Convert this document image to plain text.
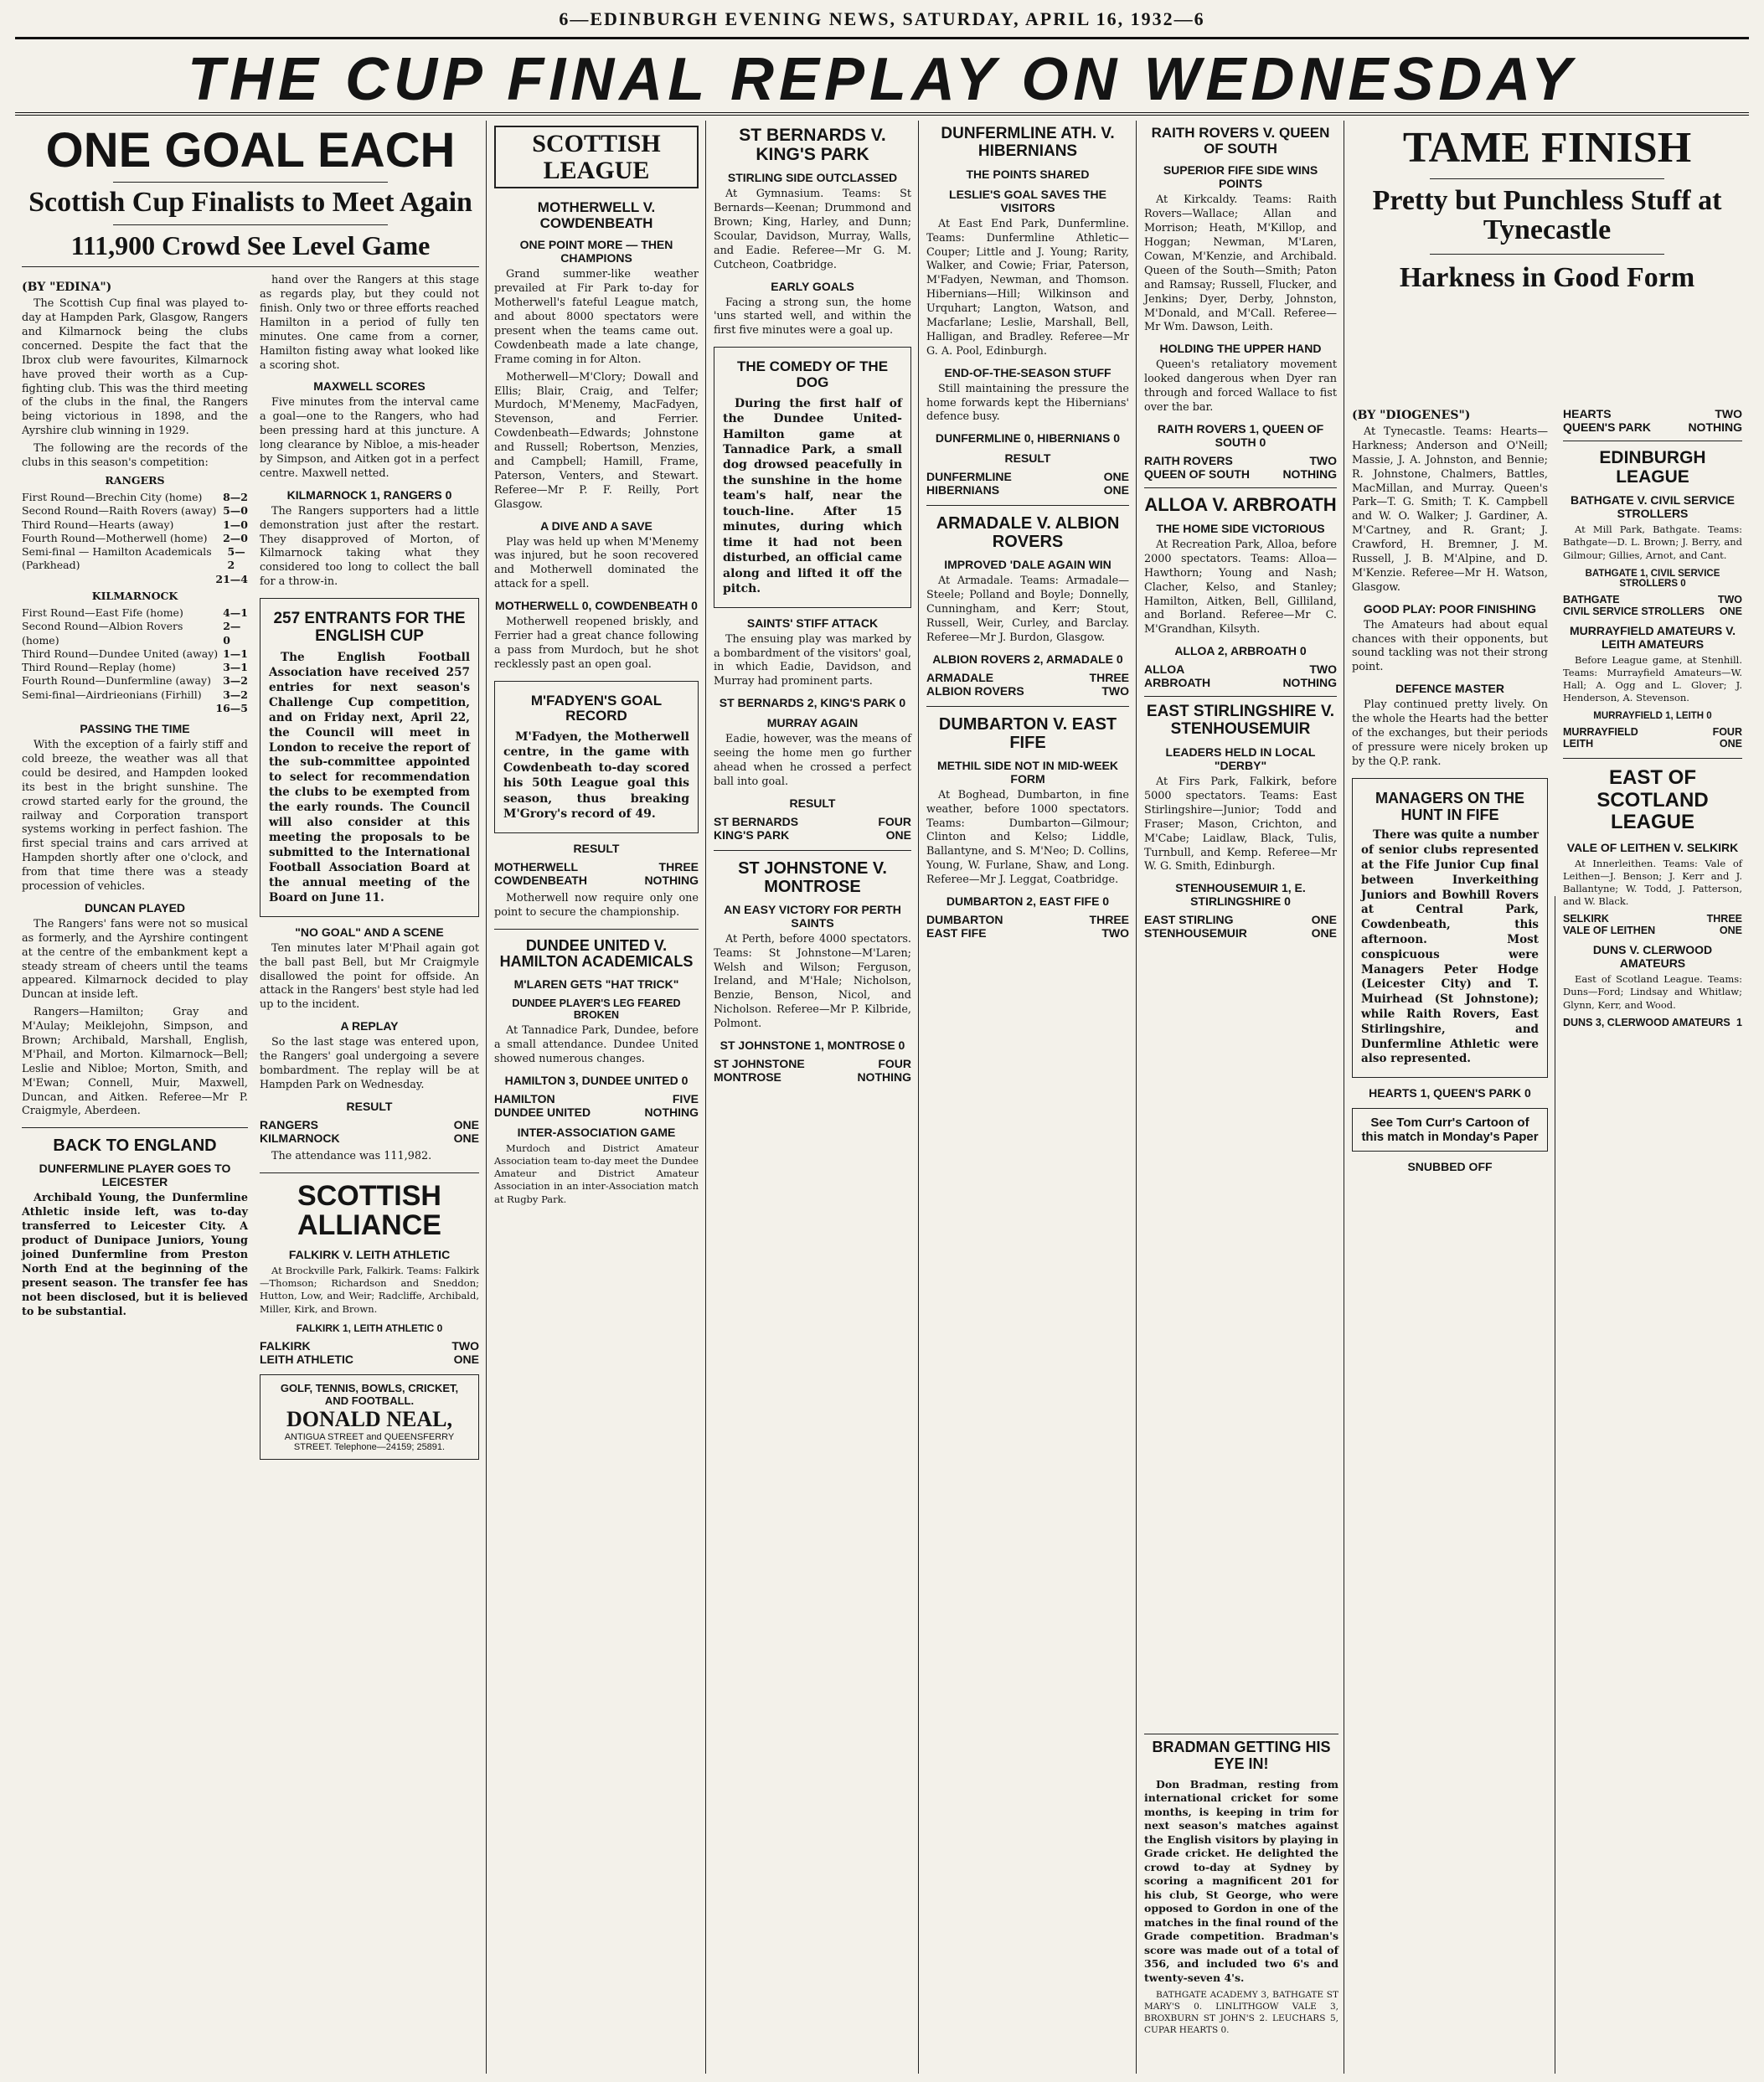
6—EDINBURGH EVENING NEWS, SATURDAY, APRIL 16, 1932—6
THE CUP FINAL REPLAY ON WEDNESDAY
ONE GOAL EACH
Scottish Cup Finalists to Meet Again
111,900 Crowd See Level Game
(BY "EDINA")

The Scottish Cup final was played to-day at Hampden Park, Glasgow, Rangers and Kilmarnock being the clubs concerned. Despite the fact that the Ibrox club were favourites, Kilmarnock have proved their worth as a Cup-fighting club. This was the third meeting of the clubs in the final, the Rangers being victorious in 1898, and the Ayrshire club winning in 1929.

The following are the records of the clubs in this season's competition:

RANGERS
First Round—Brechin City (home) 8—2
Second Round—Raith Rovers (away) 5—0
Third Round—Hearts (away)	1—0
Fourth Round—Motherwell (home) 2—0
Semi-final — Hamilton Academicals (Parkhead)
5—2
21—4
KILMARNOCK
First Round—East Fife (home)	4—1
Second Round—Albion Rovers (home)
2—0
Third Round—Dundee United (away) 1—1
Third Round—Replay (home)	3—1
Fourth Round—Dunfermline (away) 3—2
Semi-final—Airdrieonians (Firhill) 3—2
16—5
PASSING THE TIME

With the exception of a fairly stiff and cold breeze, the weather was all that could be desired, and Hampden looked its best in the bright sunshine. The crowd started early for the ground, the railway and Corporation transport systems working in perfect fashion. The first special trains and cars arrived at Hampden shortly after one o'clock, and from that time there was a steady procession of vehicles.

DUNCAN PLAYED

The Rangers' fans were not so musical as formerly, and the Ayrshire contingent at the centre of the embankment kept a steady stream of cheers until the teams appeared. Kilmarnock decided to play Duncan at inside left.

Rangers—Hamilton; Gray and M'Aulay; Meiklejohn, Simpson, and Brown; Archibald, Marshall, English, M'Phail, and Morton. Kilmarnock—Bell; Leslie and Nibloe; Morton, Smith, and M'Ewan; Connell, Muir, Maxwell, Duncan, and Aitken. Referee—Mr P. Craigmyle, Aberdeen.

BACK TO ENGLAND
DUNFERMLINE PLAYER GOES TO LEICESTER

Archibald Young, the Dunfermline Athletic inside left, was to-day transferred to Leicester City. A product of Dunipace Juniors, Young joined Dunfermline from Preston North End at the beginning of the present season. The transfer fee has not been disclosed, but it is believed to be substantial.

hand over the Rangers at this stage as regards play, but they could not finish. Only two or three efforts reached Hamilton in a period of fully ten minutes. One came from a corner, Hamilton fisting away what looked like a scoring shot.

MAXWELL SCORES

Five minutes from the interval came a goal—one to the Rangers, who had been pressing hard at this juncture. A long clearance by Nibloe, a mis-header by Simpson, and Aitken got in a perfect centre. Maxwell netted.

KILMARNOCK 1, RANGERS 0

The Rangers supporters had a little demonstration just after the restart. They disapproved of Morton, of Kilmarnock taking what they considered too long to collect the ball for a throw-in.

257 ENTRANTS FOR THE ENGLISH CUP

The English Football Association have received 257 entries for next season's Challenge Cup competition, and on Friday next, April 22, the Council will meet in London to receive the report of the sub-committee appointed to select for recommendation the clubs to be exempted from the early rounds. The Council will also consider at this meeting the proposals to be submitted to the International Football Association Board at the annual meeting of the Board on June 11.

"NO GOAL" AND A SCENE

Ten minutes later M'Phail again got the ball past Bell, but Mr Craigmyle disallowed the point for offside. An attack in the Rangers' best style had led up to the incident.

A REPLAY

So the last stage was entered upon, the Rangers' goal undergoing a severe bombardment. The replay will be at Hampden Park on Wednesday.

RESULT
RANGERS	ONE
KILMARNOCK	ONE

The attendance was 111,982.

SCOTTISH ALLIANCE
FALKIRK V. LEITH ATHLETIC

At Brockville Park, Falkirk. Teams: Falkirk—Thomson; Richardson and Sneddon; Hutton, Low, and Weir; Radcliffe, Archibald, Miller, Kirk, and Brown.

FALKIRK 1, LEITH ATHLETIC 0
FALKIRK	TWO
LEITH ATHLETIC	ONE
GOLF, TENNIS, BOWLS, CRICKET, AND FOOTBALL.
DONALD NEAL,
ANTIGUA STREET and QUEENSFERRY STREET. Telephone—24159; 25891.
SCOTTISH LEAGUE
MOTHERWELL V. COWDENBEATH
ONE POINT MORE — THEN CHAMPIONS

Grand summer-like weather prevailed at Fir Park to-day for Motherwell's fateful League match, and about 8000 spectators were present when the teams came out. Cowdenbeath made a late change, Frame coming in for Alton.

Motherwell—M'Clory; Dowall and Ellis; Blair, Craig, and Telfer; Murdoch, M'Menemy, MacFadyen, Stevenson, and Ferrier. Cowdenbeath—Edwards; Johnstone and Russell; Robertson, Menzies, and Campbell; Hamill, Frame, Paterson, Venters, and Stewart. Referee—Mr P. F. Reilly, Port Glasgow.

A DIVE AND A SAVE

Play was held up when M'Menemy was injured, but he soon recovered and Motherwell dominated the attack for a spell.

MOTHERWELL 0, COWDENBEATH 0

Motherwell reopened briskly, and Ferrier had a great chance following a pass from Murdoch, but he shot recklessly past an open goal.

M'FADYEN'S GOAL RECORD

M'Fadyen, the Motherwell centre, in the game with Cowdenbeath to-day scored his 50th League goal this season, thus breaking M'Grory's record of 49.

RESULT
MOTHERWELL	THREE
COWDENBEATH	NOTHING

Motherwell now require only one point to secure the championship.

DUNDEE UNITED V. HAMILTON ACADEMICALS
M'LAREN GETS "HAT TRICK"
DUNDEE PLAYER'S LEG FEARED BROKEN

At Tannadice Park, Dundee, before a small attendance. Dundee United showed numerous changes.

HAMILTON 3, DUNDEE UNITED 0
HAMILTON	FIVE
DUNDEE UNITED	NOTHING
INTER-ASSOCIATION GAME

Murdoch and District Amateur Association team to-day meet the Dundee Amateur and District Amateur Association in an inter-Association match at Rugby Park.

ST BERNARDS V. KING'S PARK
STIRLING SIDE OUTCLASSED

At Gymnasium. Teams: St Bernards—Keenan; Drummond and Brown; King, Harley, and Dunn; Scoular, Davidson, Murray, Walls, and Eadie. Referee—Mr G. M. Cutcheon, Coatbridge.

EARLY GOALS

Facing a strong sun, the home 'uns started well, and within the first five minutes were a goal up.

THE COMEDY OF THE DOG

During the first half of the Dundee United-Hamilton game at Tannadice Park, a small dog drowsed peacefully in the sunshine in the home team's half, near the touch-line. After 15 minutes, during which time it had not been disturbed, an official came along and lifted it off the pitch.

SAINTS' STIFF ATTACK

The ensuing play was marked by a bombardment of the visitors' goal, in which Eadie, Davidson, and Murray had prominent parts.

ST BERNARDS 2, KING'S PARK 0
MURRAY AGAIN

Eadie, however, was the means of seeing the home men go further ahead when he crossed a perfect ball into goal.

RESULT
ST BERNARDS	FOUR
KING'S PARK	ONE
ST JOHNSTONE V. MONTROSE
AN EASY VICTORY FOR PERTH SAINTS

At Perth, before 4000 spectators. Teams: St Johnstone—M'Laren; Welsh and Wilson; Ferguson, Ireland, and M'Hale; Nicholson, Benzie, Benson, Nicol, and Nicholson. Referee—Mr P. Kilbride, Polmont.

ST JOHNSTONE 1, MONTROSE 0
ST JOHNSTONE	FOUR
MONTROSE	NOTHING
DUNFERMLINE ATH. V. HIBERNIANS
THE POINTS SHARED
LESLIE'S GOAL SAVES THE VISITORS

At East End Park, Dunfermline. Teams: Dunfermline Athletic—Couper; Little and J. Young; Rarity, Walker, and Cowie; Friar, Paterson, M'Fadyen, Newman, and Thomson. Hibernians—Hill; Wilkinson and Urquhart; Langton, Watson, and Macfarlane; Leslie, Marshall, Bell, Halligan, and Bradley. Referee—Mr G. A. Pool, Edinburgh.

END-OF-THE-SEASON STUFF

Still maintaining the pressure the home forwards kept the Hibernians' defence busy.

DUNFERMLINE 0, HIBERNIANS 0
RESULT
DUNFERMLINE	ONE
HIBERNIANS	ONE
ARMADALE V. ALBION ROVERS
IMPROVED 'DALE AGAIN WIN

At Armadale. Teams: Armadale—Steele; Polland and Boyle; Donnelly, Cunningham, and Kerr; Stout, Russell, Weir, Curley, and Barclay. Referee—Mr J. Burdon, Glasgow.

ALBION ROVERS 2, ARMADALE 0
ARMADALE	THREE
ALBION ROVERS	TWO
DUMBARTON V. EAST FIFE
METHIL SIDE NOT IN MID-WEEK FORM

At Boghead, Dumbarton, in fine weather, before 1000 spectators. Teams: Dumbarton—Gilmour; Clinton and Kelso; Liddle, Ballantyne, and S. M'Neo; D. Collins, Young, W. Furlane, Shaw, and Long. Referee—Mr J. Leggat, Coatbridge.

DUMBARTON 2, EAST FIFE 0
DUMBARTON	THREE
EAST FIFE	TWO
RAITH ROVERS V. QUEEN OF SOUTH
SUPERIOR FIFE SIDE WINS POINTS

At Kirkcaldy. Teams: Raith Rovers—Wallace; Allan and Morrison; Heath, M'Killop, and Hoggan; Newman, M'Laren, Cowan, M'Kenzie, and Archibald. Queen of the South—Smith; Paton and Ramsay; Russell, Flucker, and Jenkins; Dyer, Derby, Johnston, M'Donald, and M'Call. Referee—Mr Wm. Dawson, Leith.

HOLDING THE UPPER HAND

Queen's retaliatory movement looked dangerous when Dyer ran through and forced Wallace to fist over the bar.

RAITH ROVERS 1, QUEEN OF SOUTH 0
RAITH ROVERS	TWO
QUEEN OF SOUTH	NOTHING
ALLOA V. ARBROATH
THE HOME SIDE VICTORIOUS

At Recreation Park, Alloa, before 2000 spectators. Teams: Alloa—Hawthorn; Young and Nash; Clacher, Kelso, and Stanley; Hamilton, Aitken, Bell, Gilliland, and Borland. Referee—Mr C. M'Grandhan, Kilsyth.

ALLOA 2, ARBROATH 0
ALLOA	TWO
ARBROATH	NOTHING
EAST STIRLINGSHIRE V. STENHOUSEMUIR
LEADERS HELD IN LOCAL "DERBY"

At Firs Park, Falkirk, before 5000 spectators. Teams: East Stirlingshire—Junior; Todd and Fraser; Mason, Crichton, and M'Cabe; Laidlaw, Black, Tulis, Turnbull, and Kemp. Referee—Mr W. G. Smith, Edinburgh.

STENHOUSEMUIR 1, E. STIRLINGSHIRE 0
EAST STIRLING	ONE
STENHOUSEMUIR	ONE
TAME FINISH
Pretty but Punchless Stuff at Tynecastle
Harkness in Good Form
(BY "DIOGENES")

At Tynecastle. Teams: Hearts—Harkness; Anderson and O'Neill; Massie, J. A. Johnston, and Bennie; R. Johnstone, Chalmers, Battles, MacMillan, and Murray. Queen's Park—T. G. Smith; T. K. Campbell and W. O. Walker; J. Gardiner, A. M'Cartney, and R. Grant; J. Crawford, H. Bremner, J. M. Russell, J. B. M'Alpine, and D. M'Kenzie. Referee—Mr H. Watson, Glasgow.

GOOD PLAY: POOR FINISHING

The Amateurs had about equal chances with their opponents, but sound tackling was not their strong point.

DEFENCE MASTER

Play continued pretty lively. On the whole the Hearts had the better of the exchanges, but their periods of pressure were nicely broken up by the Q.P. rank.

MANAGERS ON THE HUNT IN FIFE

There was quite a number of senior clubs represented at the Fife Junior Cup final between Inverkeithing Juniors and Bowhill Rovers at Central Park, Cowdenbeath, this afternoon. Most conspicuous were Managers Peter Hodge (Leicester City) and T. Muirhead (St Johnstone); while Raith Rovers, East Stirlingshire, and Dunfermline Athletic were also represented.

HEARTS 1, QUEEN'S PARK 0
See Tom Curr's Cartoon of this match in Monday's Paper
SNUBBED OFF
HEARTS	TWO
QUEEN'S PARK	NOTHING
EDINBURGH LEAGUE
BATHGATE V. CIVIL SERVICE STROLLERS

At Mill Park, Bathgate. Teams: Bathgate—D. L. Brown; J. Berry, and Gilmour; Gillies, Arnot, and Cant.

BATHGATE 1, CIVIL SERVICE STROLLERS 0
BATHGATE	TWO
CIVIL SERVICE STROLLERS ONE
MURRAYFIELD AMATEURS V. LEITH AMATEURS

Before League game, at Stenhill. Teams: Murrayfield Amateurs—W. Hall; A. Ogg and L. Glover; J. Henderson, A. Stevenson.

MURRAYFIELD 1, LEITH 0
MURRAYFIELD	FOUR
LEITH	ONE
EAST OF SCOTLAND LEAGUE
VALE OF LEITHEN V. SELKIRK

At Innerleithen. Teams: Vale of Leithen—J. Benson; J. Kerr and J. Ballantyne; W. Todd, J. Patterson, and W. Black.

SELKIRK	THREE
VALE OF LEITHEN	ONE
DUNS V. CLERWOOD AMATEURS

East of Scotland League. Teams: Duns—Ford; Lindsay and Whitlaw; Glynn, Kerr, and Wood.

DUNS 3, CLERWOOD AMATEURS 1
BRADMAN GETTING HIS EYE IN!

Don Bradman, resting from international cricket for some months, is keeping in trim for next season's matches against the English visitors by playing in Grade cricket. He delighted the crowd to-day at Sydney by scoring a magnificent 201 for his club, St George, who were opposed to Gordon in one of the matches in the final round of the Grade competition. Bradman's score was made out of a total of 356, and included two 6's and twenty-seven 4's.

BATHGATE ACADEMY 3, BATHGATE ST MARY'S 0. LINLITHGOW VALE 3, BROXBURN ST JOHN'S 2. LEUCHARS 5, CUPAR HEARTS 0.
